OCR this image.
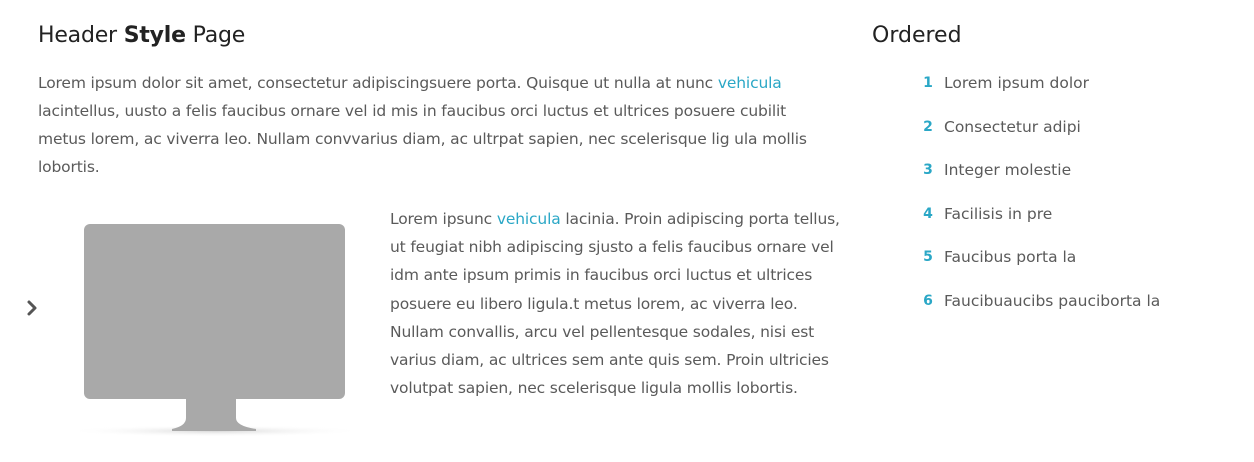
Header Style Page

Lorem ipsum dolor sit amet, consectetur adipiscingsuere porta. Quisque ut nulla at nunc vehicula lacintellus, uusto a felis faucibus ornare vel id mis in faucibus orci luctus et ultrices posuere cubilit metus lorem, ac viverra leo. Nullam convvarius diam, ac ultrpat sapien, nec scelerisque lig ula mollis lobortis.

Lorem ipsunc vehicula lacinia. Proin adipiscing porta tellus, ut feugiat nibh adipiscing sjusto a felis faucibus ornare vel idm ante ipsum primis in faucibus orci luctus et ultrices posuere eu libero ligula.t metus lorem, ac viverra leo. Nullam convallis, arcu vel pellentesque sodales, nisi est varius diam, ac ultrices sem ante quis sem. Proin ultricies volutpat sapien, nec scelerisque ligula mollis lobortis.

Ordered
1 Lorem ipsum dolor
2 Consectetur adipi
3 Integer molestie
4 Facilisis in pre
5 Faucibus porta la
6 Faucibuaucibs pauciborta la
